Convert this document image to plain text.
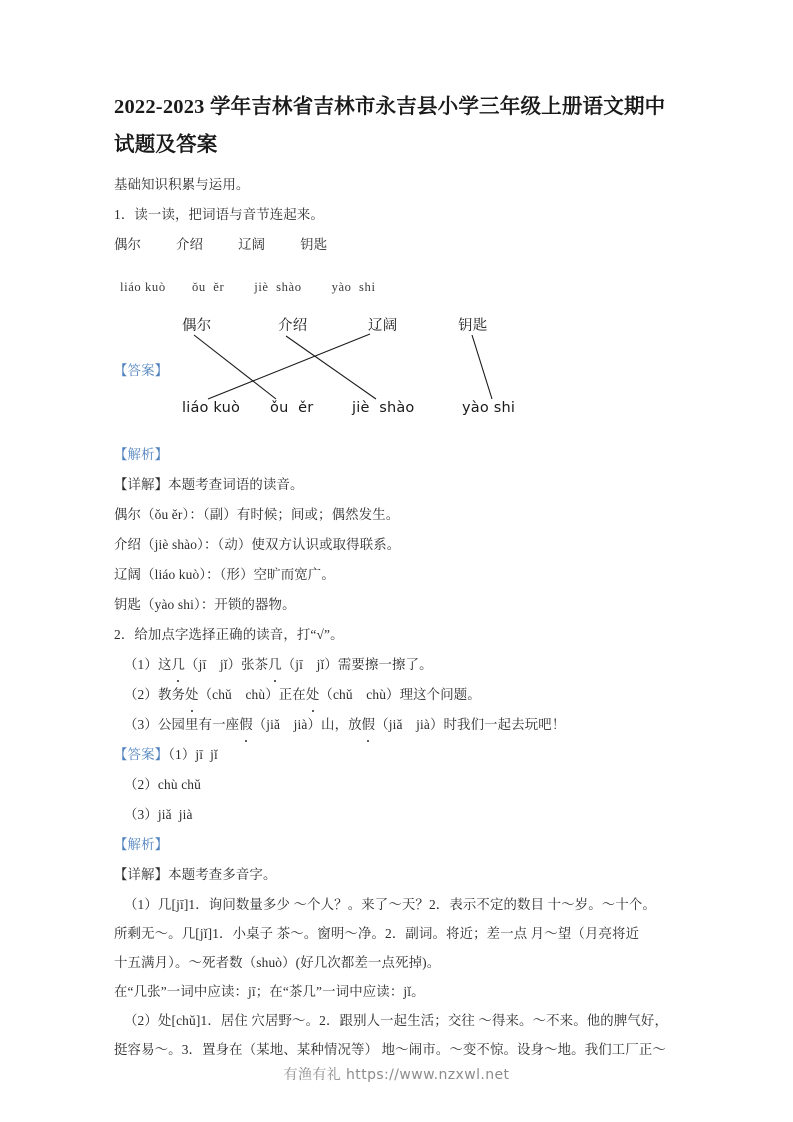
2022-2023 学年吉林省吉林市永吉县小学三年级上册语文期中试题及答案

基础知识积累与运用。

1．读一读，把词语与音节连起来。

偶尔          介绍          辽阔          钥匙
liáo kuò       ǒu  ěr        jiè  shào        yào  shi
【答案】
偶尔	介绍	辽阔	钥匙
liáo kuò ǒu  ěr	jiè  shào	yào shi

【解析】

【详解】本题考查词语的读音。

偶尔（ǒu ěr）：（副）有时候；间或；偶然发生。

介绍（jiè shào）：（动）使双方认识或取得联系。

辽阔（liáo kuò）：（形）空旷而宽广。

钥匙（yào shi）：开锁的器物。

2．给加点字选择正确的读音，打“√”。

（1）这几（jī jǐ）张茶几（jī jǐ）需要擦一擦了。

（2）教务处（chǔ chù）正在处（chǔ chù）理这个问题。

（3）公园里有一座假（jiǎ jià）山，放假（jiǎ jià）时我们一起去玩吧！

【答案】（1）jī  jǐ

（2）chù chǔ

（3）jiǎ  jià

【解析】

【详解】本题考查多音字。

（1）几[jī]1．询问数量多少 ～个人？。来了～天？2．表示不定的数目 十～岁。～十个。

所剩无～。几[jǐ]1．小桌子 茶～。窗明～净。2．副词。将近；差一点 月～望（月亮将近

十五满月）。～死者数（shuò）(好几次都差一点死掉)。

在“几张”一词中应读：jī；在“茶几”一词中应读：jǐ。

（2）处[chǔ]1．居住 穴居野～。2．跟别人一起生活；交往 ～得来。～不来。他的脾气好，

挺容易～。3．置身在（某地、某种情况等） 地～闹市。～变不惊。设身～地。我们工厂正～

有渔有礼 https://www.nzxwl.net
